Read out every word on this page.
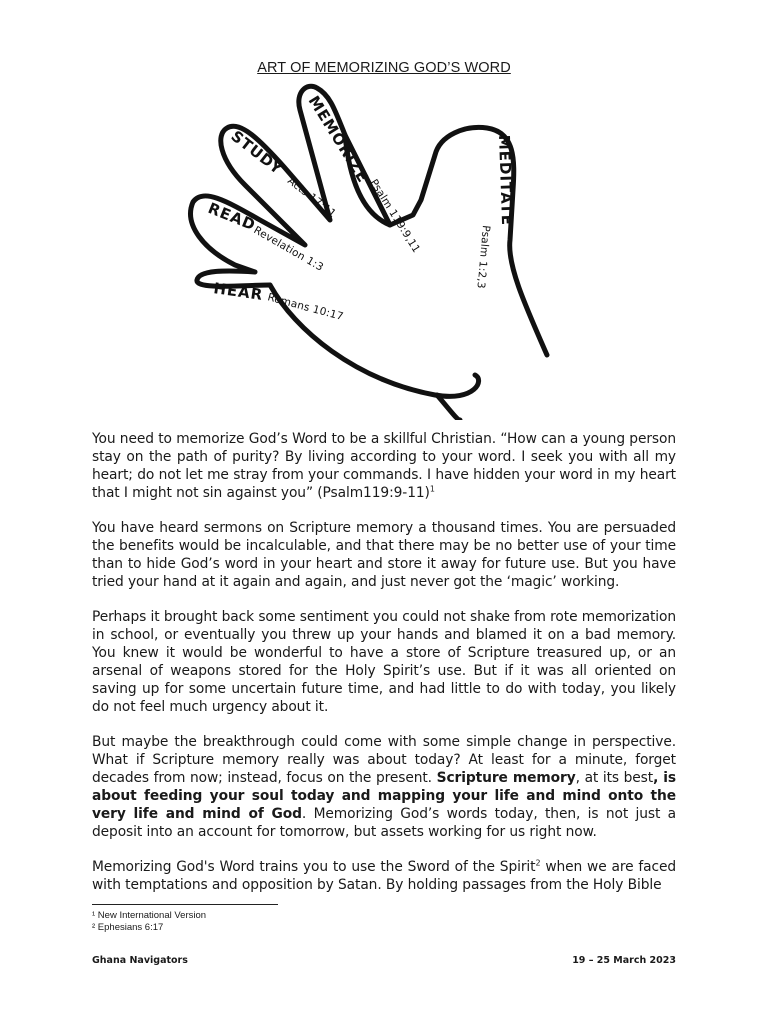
ART OF MEMORIZING GOD’S WORD
MEMORIZE
Psalm 119:9,11
STUDY
Acts 17:11
READ
Revelation 1:3
HEAR Romans 10:17
MEDITATE
Psalm 1:2,3

You need to memorize God’s Word to be a skillful Christian. “How can a young person stay on the path of purity? By living according to your word. I seek you with all my heart; do not let me stray from your commands. I have hidden your word in my heart that I might not sin against you” (Psalm119:9-11)$^1$

You have heard sermons on Scripture memory a thousand times. You are persuaded the benefits would be incalculable, and that there may be no better use of your time than to hide God’s word in your heart and store it away for future use. But you have tried your hand at it again and again, and just never got the ‘magic’ working.

Perhaps it brought back some sentiment you could not shake from rote memorization in school, or eventually you threw up your hands and blamed it on a bad memory. You knew it would be wonderful to have a store of Scripture treasured up, or an arsenal of weapons stored for the Holy Spirit’s use. But if it was all oriented on saving up for some uncertain future time, and had little to do with today, you likely do not feel much urgency about it.

But maybe the breakthrough could come with some simple change in perspective. What if Scripture memory really was about today? At least for a minute, forget decades from now; instead, focus on the present. Scripture memory, at its best, is about feeding your soul today and mapping your life and mind onto the very life and mind of God. Memorizing God’s words today, then, is not just a deposit into an account for tomorrow, but assets working for us right now.

Memorizing God's Word trains you to use the Sword of the Spirit$^2$ when we are faced with temptations and opposition by Satan. By holding passages from the Holy Bible

¹ New International Version
² Ephesians 6:17
Ghana Navigators	19 – 25 March 2023
